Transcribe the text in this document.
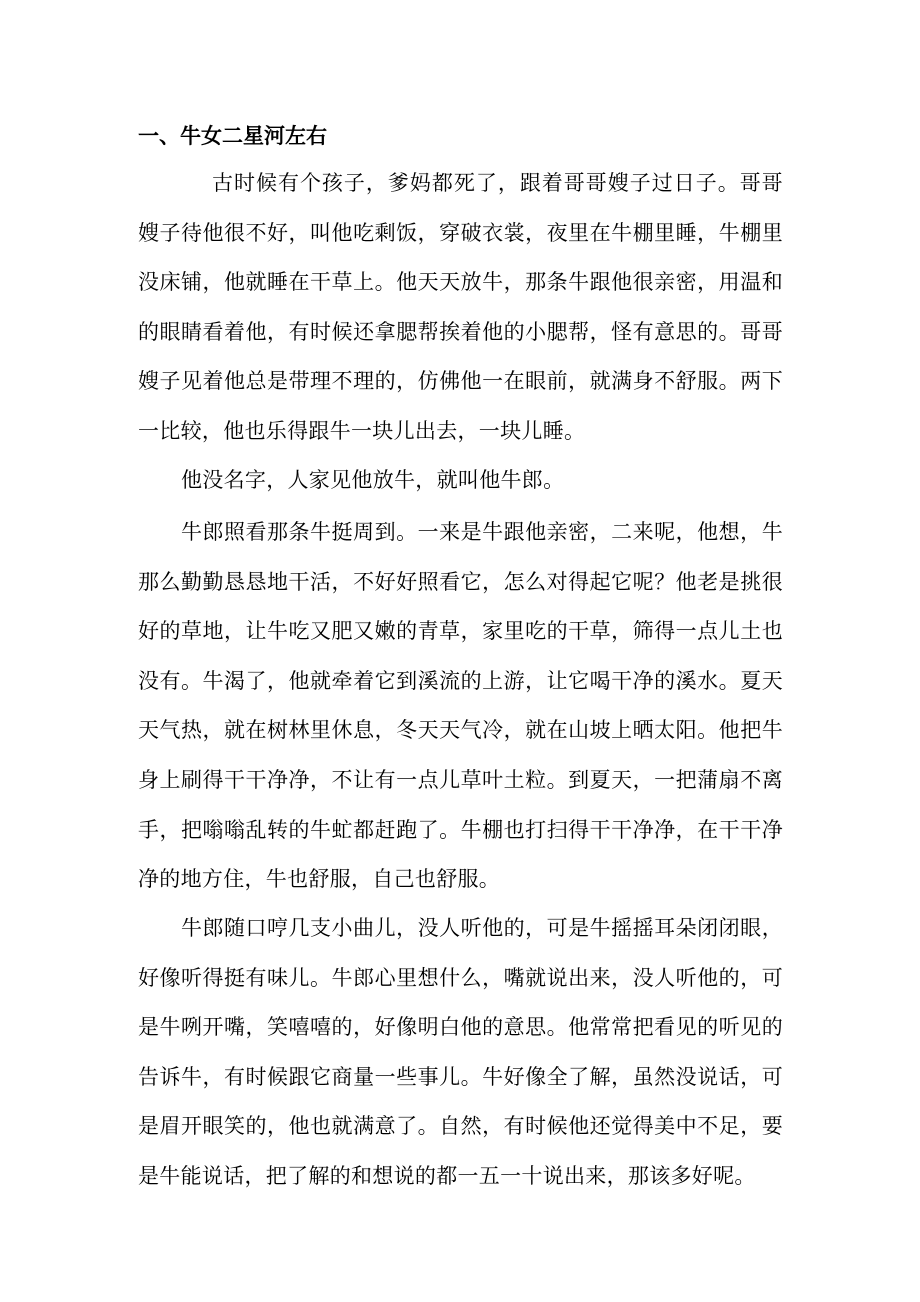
一、牛女二星河左右

古时候有个孩子，爹妈都死了，跟着哥哥嫂子过日子。哥哥嫂子待他很不好，叫他吃剩饭，穿破衣裳，夜里在牛棚里睡，牛棚里没床铺，他就睡在干草上。他天天放牛，那条牛跟他很亲密，用温和的眼睛看着他，有时候还拿腮帮挨着他的小腮帮，怪有意思的。哥哥嫂子见着他总是带理不理的，仿佛他一在眼前，就满身不舒服。两下一比较，他也乐得跟牛一块儿出去，一块儿睡。

他没名字，人家见他放牛，就叫他牛郎。

牛郎照看那条牛挺周到。一来是牛跟他亲密，二来呢，他想，牛那么勤勤恳恳地干活，不好好照看它，怎么对得起它呢？他老是挑很好的草地，让牛吃又肥又嫩的青草，家里吃的干草，筛得一点儿土也没有。牛渴了，他就牵着它到溪流的上游，让它喝干净的溪水。夏天天气热，就在树林里休息，冬天天气冷，就在山坡上晒太阳。他把牛身上刷得干干净净，不让有一点儿草叶土粒。到夏天，一把蒲扇不离手，把嗡嗡乱转的牛虻都赶跑了。牛棚也打扫得干干净净，在干干净净的地方住，牛也舒服，自己也舒服。

牛郎随口哼几支小曲儿，没人听他的，可是牛摇摇耳朵闭闭眼，好像听得挺有味儿。牛郎心里想什么，嘴就说出来，没人听他的，可是牛咧开嘴，笑嘻嘻的，好像明白他的意思。他常常把看见的听见的告诉牛，有时候跟它商量一些事儿。牛好像全了解，虽然没说话，可是眉开眼笑的，他也就满意了。自然，有时候他还觉得美中不足，要是牛能说话，把了解的和想说的都一五一十说出来，那该多好呢。
